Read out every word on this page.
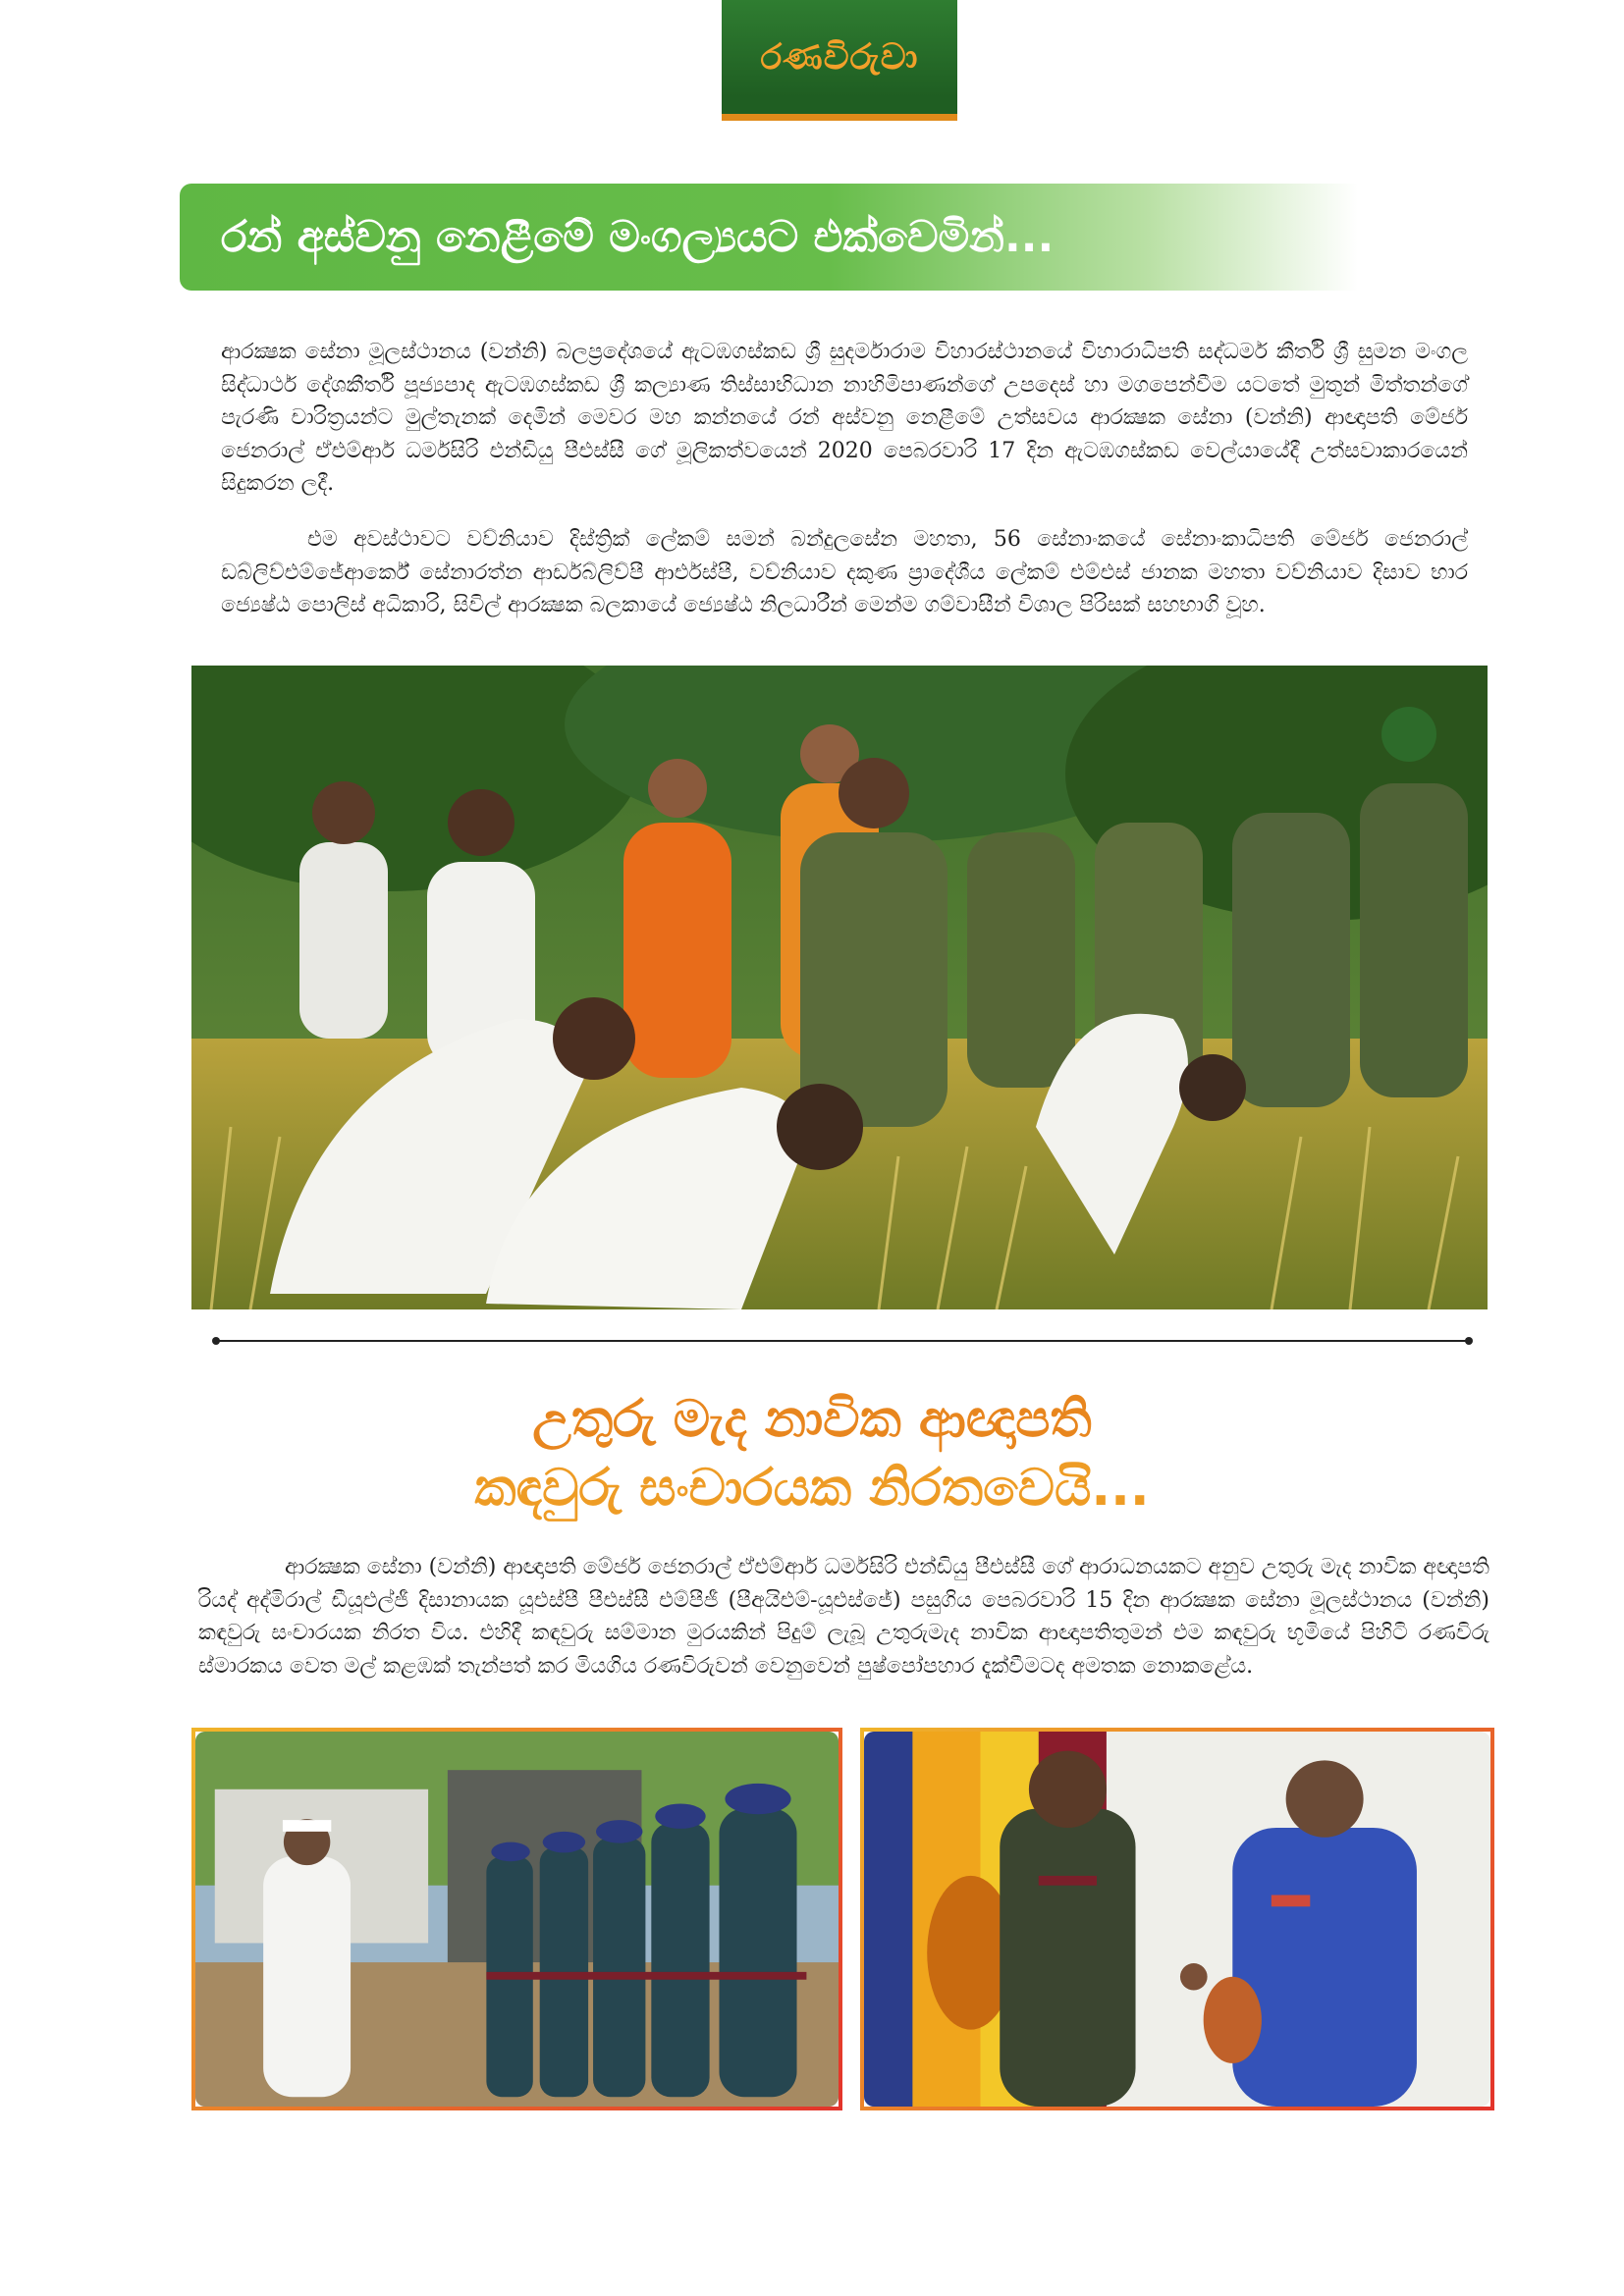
රණවිරුවා
රන් අස්වනු නෙළීමේ මංගල්‍යයට එක්වෙමින්...

ආරක්‍ෂක සේනා මූලස්ථානය (වන්නි) බලප්‍රදේශයේ ඇටඹගස්කඩ ශ්‍රී සුදර්මාරාම විහාරස්ථානයේ විහාරාධිපති සද්ධර්ම කීර්ති ශ්‍රී සුමන මංගල සිද්ධාර්ථ දේශකීර්ති පූජ්‍යපාද ඇටඹගස්කඩ ශ්‍රී කල්‍යාණ තිස්සාභිධාන නාහිමිපාණන්ගේ උපදෙස් හා මගපෙන්වීම යටතේ මුතුන් මිත්තන්ගේ පැරණි චාරිත්‍රයන්ට මුල්තැනක් දෙමින් මෙවර මහ කන්නයේ රන් අස්වනු නෙළීමේ උත්සවය ආරක්‍ෂක සේනා (වන්නි) ආඥාපති මේජර් ජෙනරාල් ඒඑම්ආර් ධර්මසිරි එන්ඩියු පීඑස්සී ගේ මූලිකත්වයෙන් 2020 පෙබරවාරි 17 දින ඇටඹගස්කඩ වෙල්යායේදී උත්සවාකාරයෙන් සිදුකරන ලදී.

එම අවස්ථාවට වව්නියාව දිස්ත්‍රික් ලේකම් සමන් බන්දුලසේන මහතා, 56 සේනාංකයේ සේනාංකාධිපති මේජර් ජෙනරාල් ඩබ්ලිව්එම්ජේආර්කේ සේනාරත්න ආර්ඩබ්ලිව්පී ආර්එස්පී, වව්නියාව දකුණ ප්‍රාදේශීය ලේකම් එම්එස් ජානක මහතා වව්නියාව දිසාව භාර ජ්‍යෙෂ්ඨ පොලිස් අධිකාරි, සිවිල් ආරක්‍ෂක බලකායේ ජ්‍යෙෂ්ඨ නිලධාරීන් මෙන්ම ගම්වාසීන් විශාල පිරිසක් සහභාගි වූහ.

උතුරු මැද නාවික ආඥාපති
කඳවුරු සංචාරයක නිරතවෙයි...

ආරක්‍ෂක සේනා (වන්නි) ආඥාපති මේජර් ජෙනරාල් ඒඑම්ආර් ධර්මසිරි එන්ඩියු පීඑස්සී ගේ ආරාධනයකට අනුව උතුරු මැද නාවික අඥාපති රියද් අද්මිරාල් ඩීයූඑල්ජී දිසානායක යූඑස්පී පීඑස්සී එම්පීජී (පීඅයිඑම්-යූඑස්ජේ) පසුගිය පෙබරවාරි 15 දින ආරක්‍ෂක සේනා මූලස්ථානය (වන්නි) කඳවුරු සංචාරයක නිරත විය. එහිදී කඳවුරු සම්මාන මුරයකින් පිදුම් ලැබූ උතුරුමැද නාවික ආඥාපතිතුමන් එම කඳවුරු භූමියේ පිහිටි රණවිරු ස්මාරකය වෙත මල් කළඹක් තැන්පත් කර මියගිය රණවිරුවන් වෙනුවෙන් පුෂ්පෝපහාර දැක්වීමටද අමතක නොකළේය.
